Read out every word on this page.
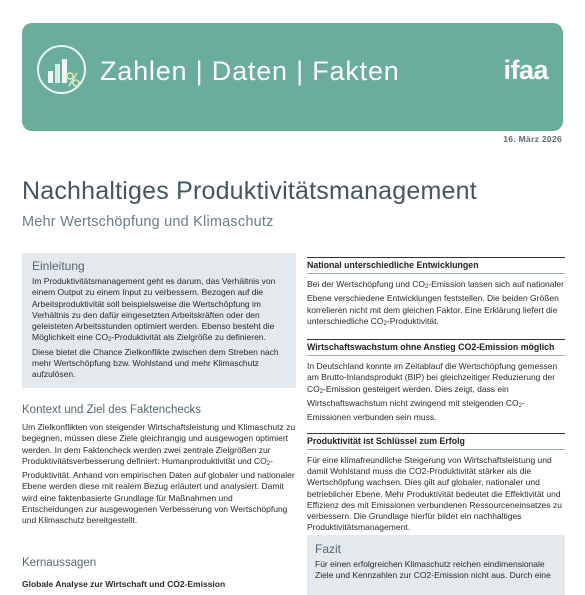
Zahlen | Daten | Fakten	ifaa
16. März 2026
Nachhaltiges Produktivitätsmanagement
Mehr Wertschöpfung und Klimaschutz
Einleitung
Im Produktivitätsmanagement geht es darum, das Verhältnis von einem Output zu einem Input zu verbessern. Bezogen auf die Arbeitsproduktivität soll beispielsweise die Wertschöpfung im Verhältnis zu den dafür eingesetzten Arbeitskräften oder den geleisteten Arbeitsstunden optimiert werden. Ebenso besteht die Möglichkeit eine $CO_2$-Produktivität als Zielgröße zu definieren. Diese bietet die Chance Zielkonflikte zwischen dem Streben nach mehr Wertschöpfung bzw. Wohlstand und mehr Klimaschutz aufzulösen.
Kontext und Ziel des Faktenchecks
Um Zielkonflikten von steigender Wirtschaftsleistung und Klimaschutz zu begegnen, müssen diese Ziele gleichrangig und ausgewogen optimiert werden. In dem Faktencheck werden zwei zentrale Zielgrößen zur Produktivitätsverbesserung definiert: Humanproduktivität und $CO_2$-Produktivität. Anhand von empirischen Daten auf globaler und nationaler Ebene werden diese mit realem Bezug erläutert und analysiert. Damit wird eine faktenbasierte Grundlage für Maßnahmen und Entscheidungen zur ausgewogenen Verbesserung von Wertschöpfung und Klimaschutz bereitgestellt.
Kernaussagen
Globale Analyse zur Wirtschaft und CO2-Emission
National unterschiedliche Entwicklungen
Bei der Wertschöpfung und $CO_2$-Emission lassen sich auf nationaler Ebene verschiedene Entwicklungen feststellen. Die beiden Größen korrelieren nicht mit dem gleichen Faktor. Eine Erklärung liefert die unterschiedliche $CO_2$-Produktivität.
Wirtschaftswachstum ohne Anstieg CO2-Emission möglich
In Deutschland konnte im Zeitablauf die Wertschöpfung gemessen am Brutto-Inlandsprodukt (BIP) bei gleichzeitiger Reduzierung der $CO_2$-Emission gesteigert werden. Dies zeigt, dass ein Wirtschaftswachstum nicht zwingend mit steigenden $CO_2$-Emissionen verbunden sein muss.
Produktivität ist Schlüssel zum Erfolg
Für eine klimafreundliche Steigerung von Wirtschaftsleistung und damit Wohlstand muss die CO2-Produktivität stärker als die Wertschöpfung wachsen. Dies gilt auf globaler, nationaler und betrieblicher Ebene. Mehr Produktivität bedeutet die Effektivität und Effizienz des mit Emissionen verbundenen Ressourceneinsatzes zu verbessern. Die Grundlage hierfür bildet ein nachhaltiges Produktivitätsmanagement.
Fazit
Für einen erfolgreichen Klimaschutz reichen eindimensionale Ziele und Kennzahlen zur CO2-Emission nicht aus. Durch eine
